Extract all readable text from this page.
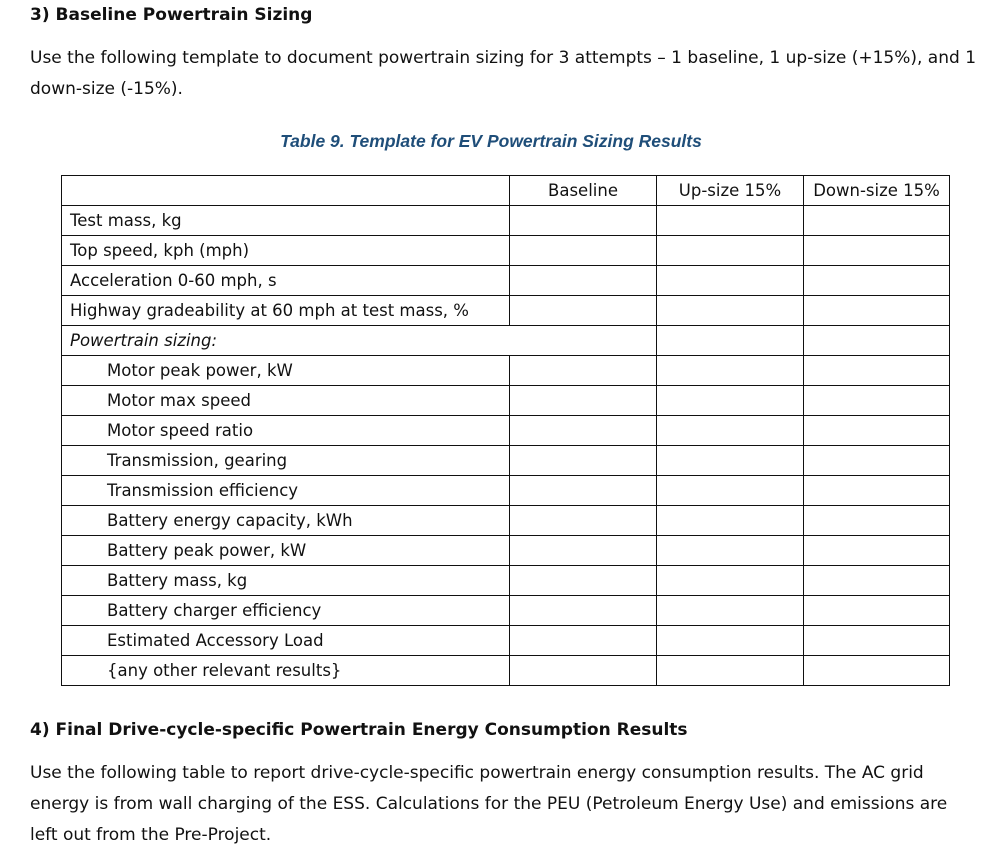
3) Baseline Powertrain Sizing
Use the following template to document powertrain sizing for 3 attempts – 1 baseline, 1 up-size (+15%), and 1 down-size (-15%).
Table 9. Template for EV Powertrain Sizing Results
	Baseline	Up-size 15%	Down-size 15%
Test mass, kg			
Top speed, kph (mph)			
Acceleration 0-60 mph, s			
Highway gradeability at 60 mph at test mass, %			
Powertrain sizing:			
Motor peak power, kW			
Motor max speed			
Motor speed ratio			
Transmission, gearing			
Transmission efficiency			
Battery energy capacity, kWh			
Battery peak power, kW			
Battery mass, kg			
Battery charger efficiency			
Estimated Accessory Load			
{any other relevant results}			
4) Final Drive-cycle-specific Powertrain Energy Consumption Results
Use the following table to report drive-cycle-specific powertrain energy consumption results. The AC grid energy is from wall charging of the ESS. Calculations for the PEU (Petroleum Energy Use) and emissions are left out from the Pre-Project.
